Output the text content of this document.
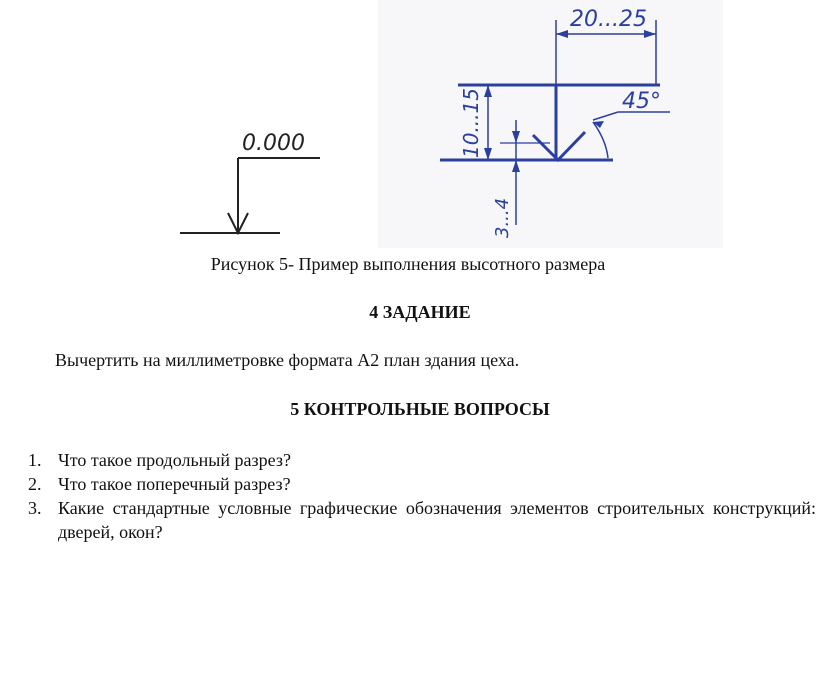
0.000
20...25
10...15
3...4
45°
Рисунок 5- Пример выполнения высотного размера
4 ЗАДАНИЕ
Вычертить на миллиметровке формата А2 план здания цеха.
5 КОНТРОЛЬНЫЕ ВОПРОСЫ
1. Что такое продольный разрез?
2. Что такое поперечный разрез?
3. Какие стандартные условные графические обозначения элементов строительных конструкций: дверей, окон?
